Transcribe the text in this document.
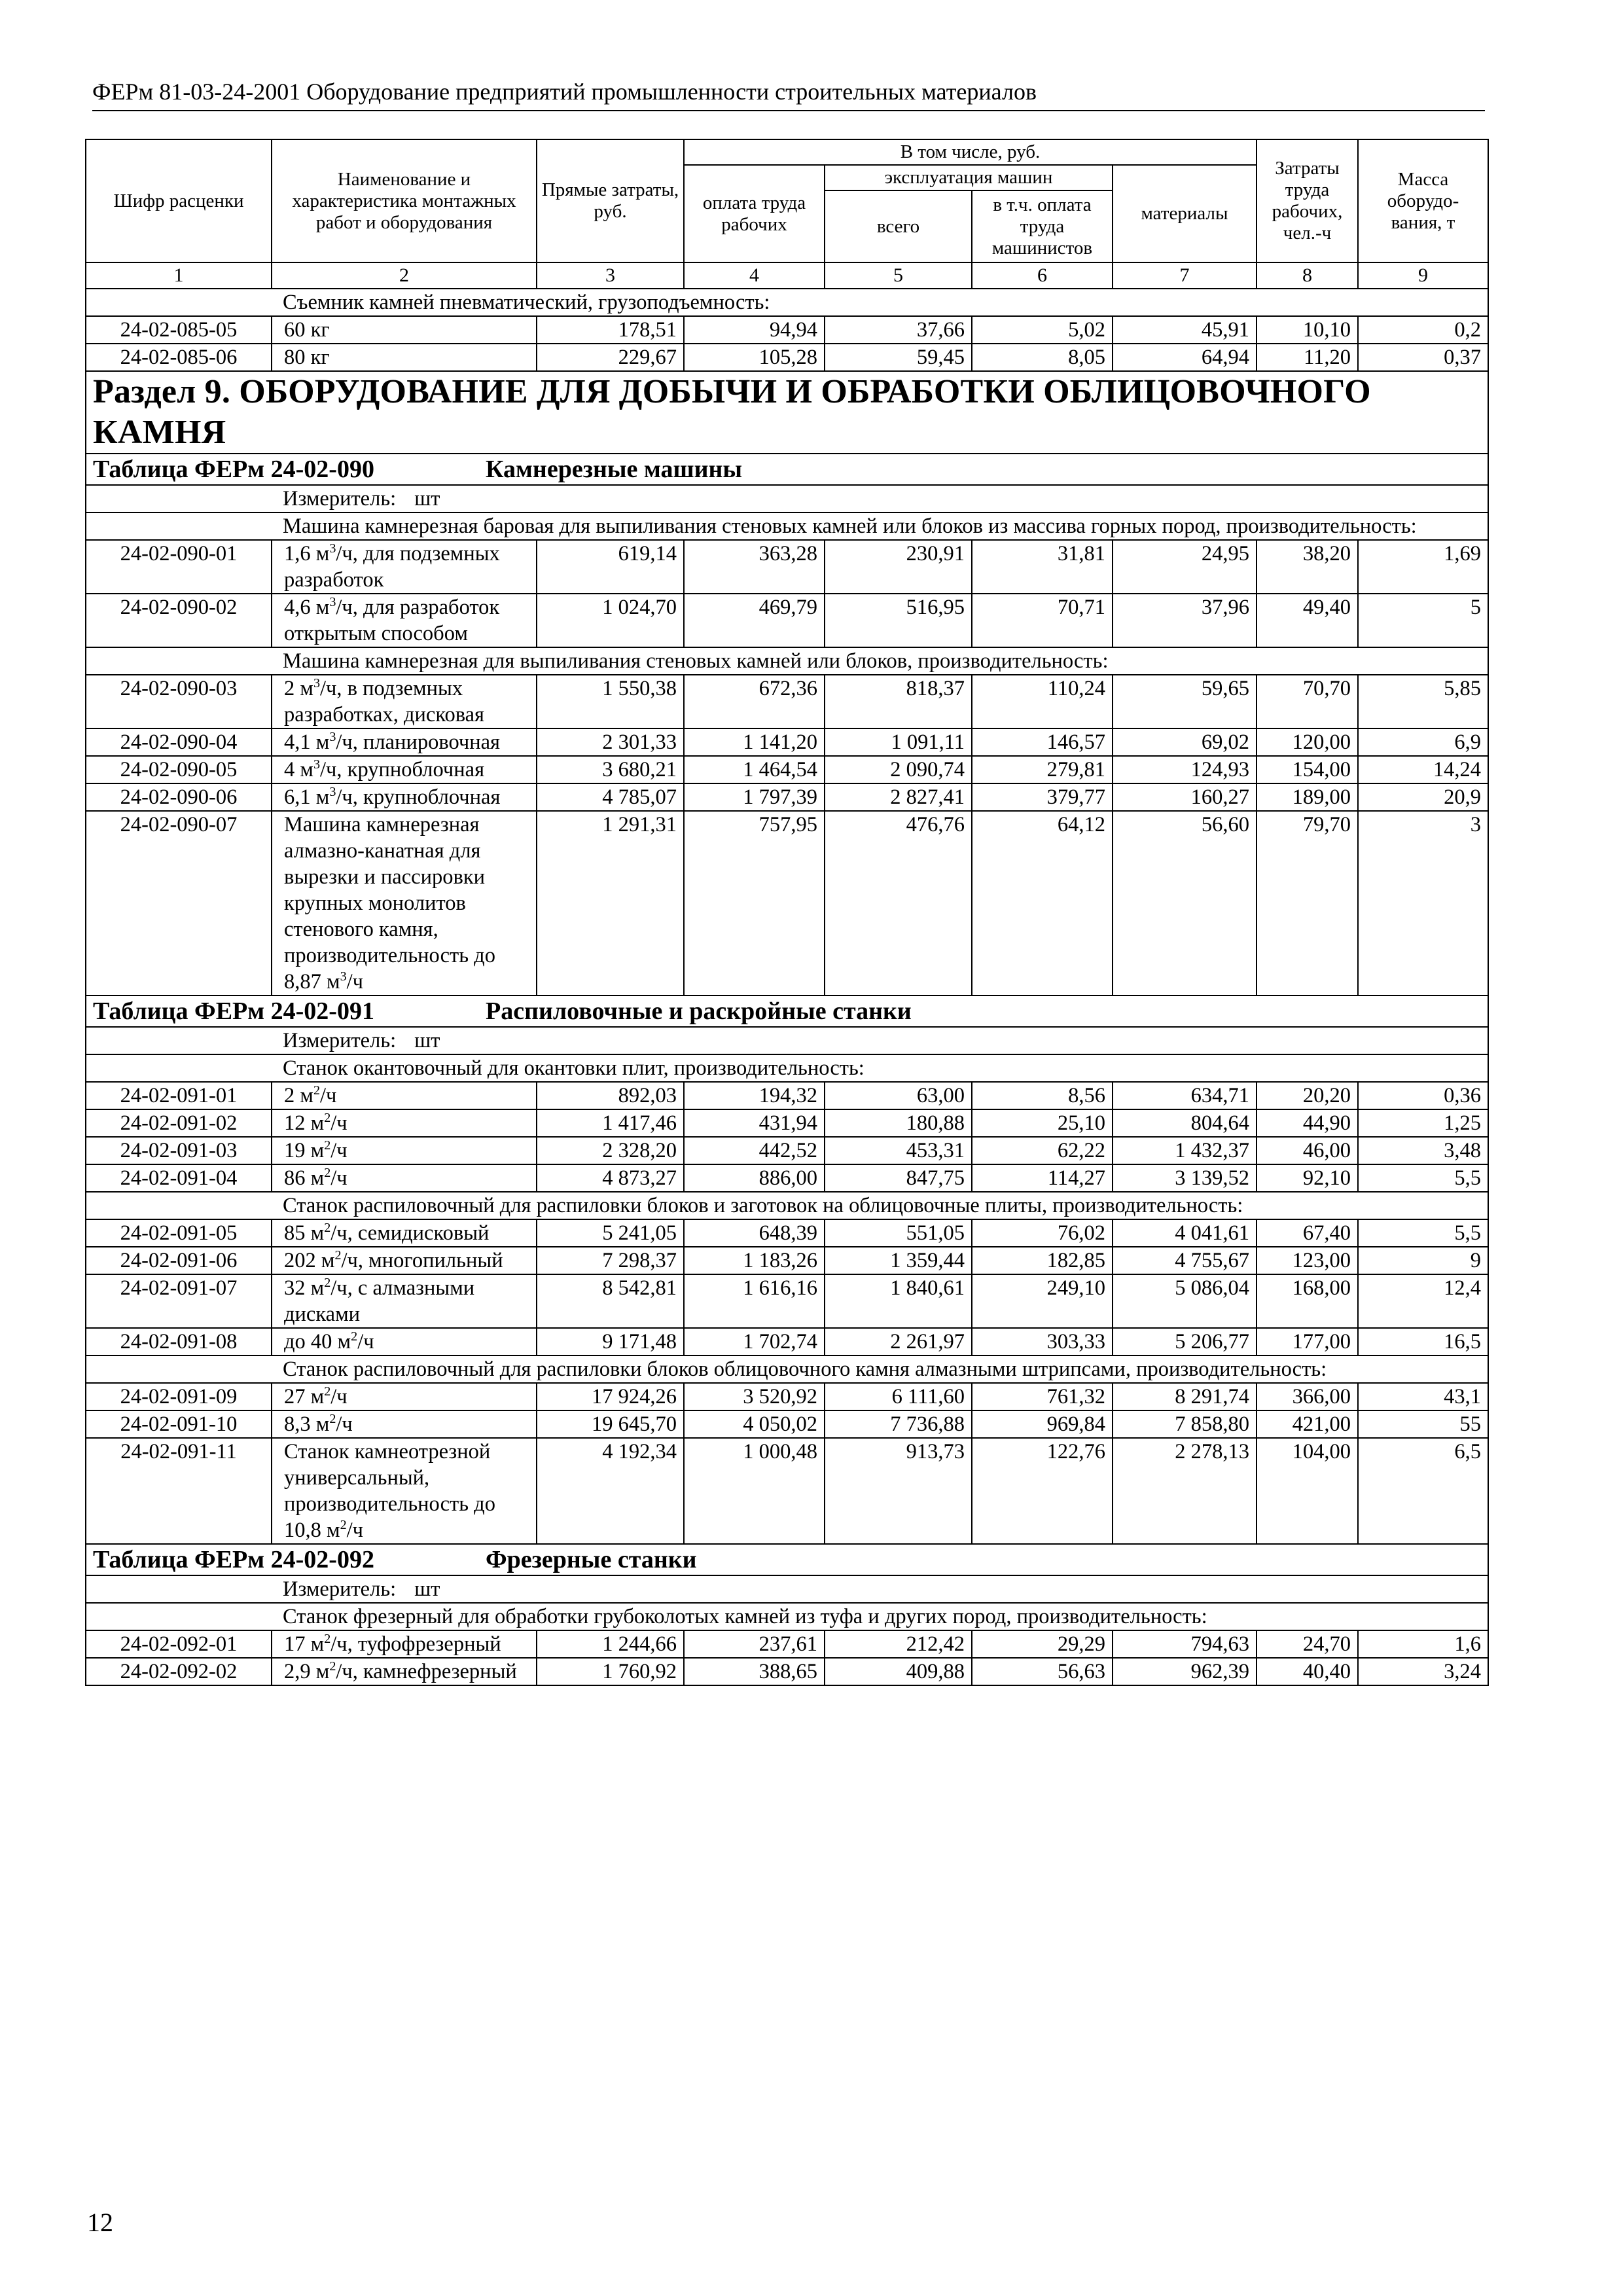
ФЕРм 81-03-24-2001 Оборудование предприятий промышленности строительных материалов
Шифр расценки	Наименование и характеристика монтажных работ и оборудования	Прямые затраты, руб.	В том числе, руб.				Затраты труда рабочих, чел.-ч	Масса оборудо-вания, т
			оплата труда рабочих	эксплуатация машин		материалы		
				всего	в т.ч. оплата труда машинистов			
1	2	3	4	5	6	7	8	9
Съемник камней пневматический, грузоподъемность:								
24-02-085-05	60 кг	178,51	94,94	37,66	5,02	45,91	10,10	0,2
24-02-085-06	80 кг	229,67	105,28	59,45	8,05	64,94	11,20	0,37
Раздел 9. ОБОРУДОВАНИЕ ДЛЯ ДОБЫЧИ И ОБРАБОТКИ ОБЛИЦОВОЧНОГО КАМНЯ								
Таблица ФЕРм 24-02-090 Камнерезные машины								
Измеритель: шт								
Машина камнерезная баровая для выпиливания стеновых камней или блоков из массива горных пород, производительность:								
24-02-090-01	1,6 $м^3/ч$, для подземных разработок	619,14	363,28	230,91	31,81	24,95	38,20	1,69
24-02-090-02	4,6 $м^3/ч$, для разработок открытым способом	1 024,70	469,79	516,95	70,71	37,96	49,40	5
Машина камнерезная для выпиливания стеновых камней или блоков, производительность:								
24-02-090-03	2 $м^3/ч$, в подземных разработках, дисковая	1 550,38	672,36	818,37	110,24	59,65	70,70	5,85
24-02-090-04	4,1 $м^3/ч$, планировочная	2 301,33	1 141,20	1 091,11	146,57	69,02	120,00	6,9
24-02-090-05	4 $м^3/ч$, крупноблочная	3 680,21	1 464,54	2 090,74	279,81	124,93	154,00	14,24
24-02-090-06	6,1 $м^3/ч$, крупноблочная	4 785,07	1 797,39	2 827,41	379,77	160,27	189,00	20,9
24-02-090-07	Машина камнерезная алмазно-канатная для вырезки и пассировки крупных монолитов стенового камня, производительность до 8,87 $м^3/ч$	1 291,31	757,95	476,76	64,12	56,60	79,70	3
Таблица ФЕРм 24-02-091 Распиловочные и раскройные станки								
Измеритель: шт								
Станок окантовочный для окантовки плит, производительность:								
24-02-091-01	2 $м^2/ч$	892,03	194,32	63,00	8,56	634,71	20,20	0,36
24-02-091-02	12 $м^2/ч$	1 417,46	431,94	180,88	25,10	804,64	44,90	1,25
24-02-091-03	19 $м^2/ч$	2 328,20	442,52	453,31	62,22	1 432,37	46,00	3,48
24-02-091-04	86 $м^2/ч$	4 873,27	886,00	847,75	114,27	3 139,52	92,10	5,5
Станок распиловочный для распиловки блоков и заготовок на облицовочные плиты, производительность:								
24-02-091-05	85 $м^2/ч$, семидисковый	5 241,05	648,39	551,05	76,02	4 041,61	67,40	5,5
24-02-091-06	202 $м^2/ч$, многопильный	7 298,37	1 183,26	1 359,44	182,85	4 755,67	123,00	9
24-02-091-07	32 $м^2/ч$, с алмазными дисками	8 542,81	1 616,16	1 840,61	249,10	5 086,04	168,00	12,4
24-02-091-08	до 40 $м^2/ч$	9 171,48	1 702,74	2 261,97	303,33	5 206,77	177,00	16,5
Станок распиловочный для распиловки блоков облицовочного камня алмазными штрипсами, производительность:								
24-02-091-09	27 $м^2/ч$	17 924,26	3 520,92	6 111,60	761,32	8 291,74	366,00	43,1
24-02-091-10	8,3 $м^2/ч$	19 645,70	4 050,02	7 736,88	969,84	7 858,80	421,00	55
24-02-091-11	Станок камнеотрезной универсальный, производительность до 10,8 $м^2/ч$	4 192,34	1 000,48	913,73	122,76	2 278,13	104,00	6,5
Таблица ФЕРм 24-02-092 Фрезерные станки								
Измеритель: шт								
Станок фрезерный для обработки грубоколотых камней из туфа и других пород, производительность:								
24-02-092-01	17 $м^2/ч$, туфофрезерный	1 244,66	237,61	212,42	29,29	794,63	24,70	1,6
24-02-092-02	2,9 $м^2/ч$, камнефрезерный	1 760,92	388,65	409,88	56,63	962,39	40,40	3,24
12
